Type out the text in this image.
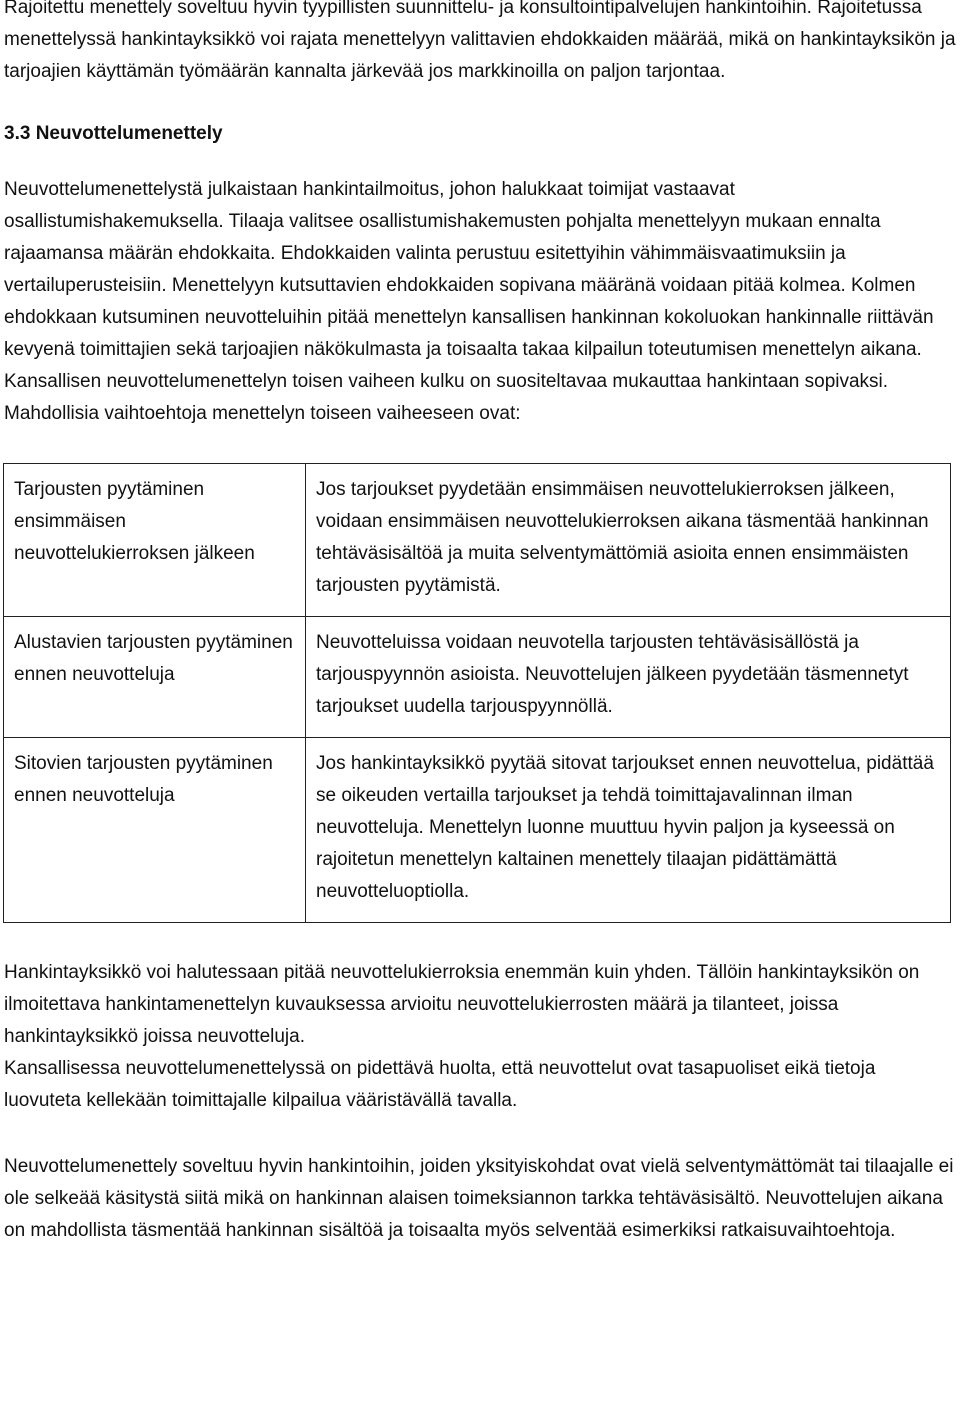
Rajoitettu menettely soveltuu hyvin tyypillisten suunnittelu- ja konsultointipalvelujen hankintoihin. Rajoitetussa menettelyssä hankintayksikkö voi rajata menettelyyn valittavien ehdokkaiden määrää, mikä on hankintayksikön ja tarjoajien käyttämän työmäärän kannalta järkevää jos markkinoilla on paljon tarjontaa.

3.3 Neuvottelumenettely

Neuvottelumenettelystä julkaistaan hankintailmoitus, johon halukkaat toimijat vastaavat osallistumishakemuksella. Tilaaja valitsee osallistumishakemusten pohjalta menettelyyn mukaan ennalta rajaamansa määrän ehdokkaita. Ehdokkaiden valinta perustuu esitettyihin vähimmäisvaatimuksiin ja vertailuperusteisiin. Menettelyyn kutsuttavien ehdokkaiden sopivana määränä voidaan pitää kolmea. Kolmen ehdokkaan kutsuminen neuvotteluihin pitää menettelyn kansallisen hankinnan kokoluokan hankinnalle riittävän kevyenä toimittajien sekä tarjoajien näkökulmasta ja toisaalta takaa kilpailun toteutumisen menettelyn aikana. Kansallisen neuvottelumenettelyn toisen vaiheen kulku on suositeltavaa mukauttaa hankintaan sopivaksi. Mahdollisia vaihtoehtoja menettelyn toiseen vaiheeseen ovat:

Tarjousten pyytäminen ensimmäisen neuvottelukierroksen jälkeen	Jos tarjoukset pyydetään ensimmäisen neuvottelukierroksen jälkeen, voidaan ensimmäisen neuvottelukierroksen aikana täsmentää hankinnan tehtäväsisältöä ja muita selventymättömiä asioita ennen ensimmäisten tarjousten pyytämistä.
Alustavien tarjousten pyytäminen ennen neuvotteluja	Neuvotteluissa voidaan neuvotella tarjousten tehtäväsisällöstä ja tarjouspyynnön asioista. Neuvottelujen jälkeen pyydetään täsmennetyt tarjoukset uudella tarjouspyynnöllä.
Sitovien tarjousten pyytäminen ennen neuvotteluja	Jos hankintayksikkö pyytää sitovat tarjoukset ennen neuvottelua, pidättää se oikeuden vertailla tarjoukset ja tehdä toimittajavalinnan ilman neuvotteluja. Menettelyn luonne muuttuu hyvin paljon ja kyseessä on rajoitetun menettelyn kaltainen menettely tilaajan pidättämättä neuvotteluoptiolla.

Hankintayksikkö voi halutessaan pitää neuvottelukierroksia enemmän kuin yhden. Tällöin hankintayksikön on ilmoitettava hankintamenettelyn kuvauksessa arvioitu neuvottelukierrosten määrä ja tilanteet, joissa hankintayksikkö joissa neuvotteluja.

Kansallisessa neuvottelumenettelyssä on pidettävä huolta, että neuvottelut ovat tasapuoliset eikä tietoja luovuteta kellekään toimittajalle kilpailua vääristävällä tavalla.

Neuvottelumenettely soveltuu hyvin hankintoihin, joiden yksityiskohdat ovat vielä selventymättömät tai tilaajalle ei ole selkeää käsitystä siitä mikä on hankinnan alaisen toimeksiannon tarkka tehtäväsisältö. Neuvottelujen aikana on mahdollista täsmentää hankinnan sisältöä ja toisaalta myös selventää esimerkiksi ratkaisuvaihtoehtoja.
